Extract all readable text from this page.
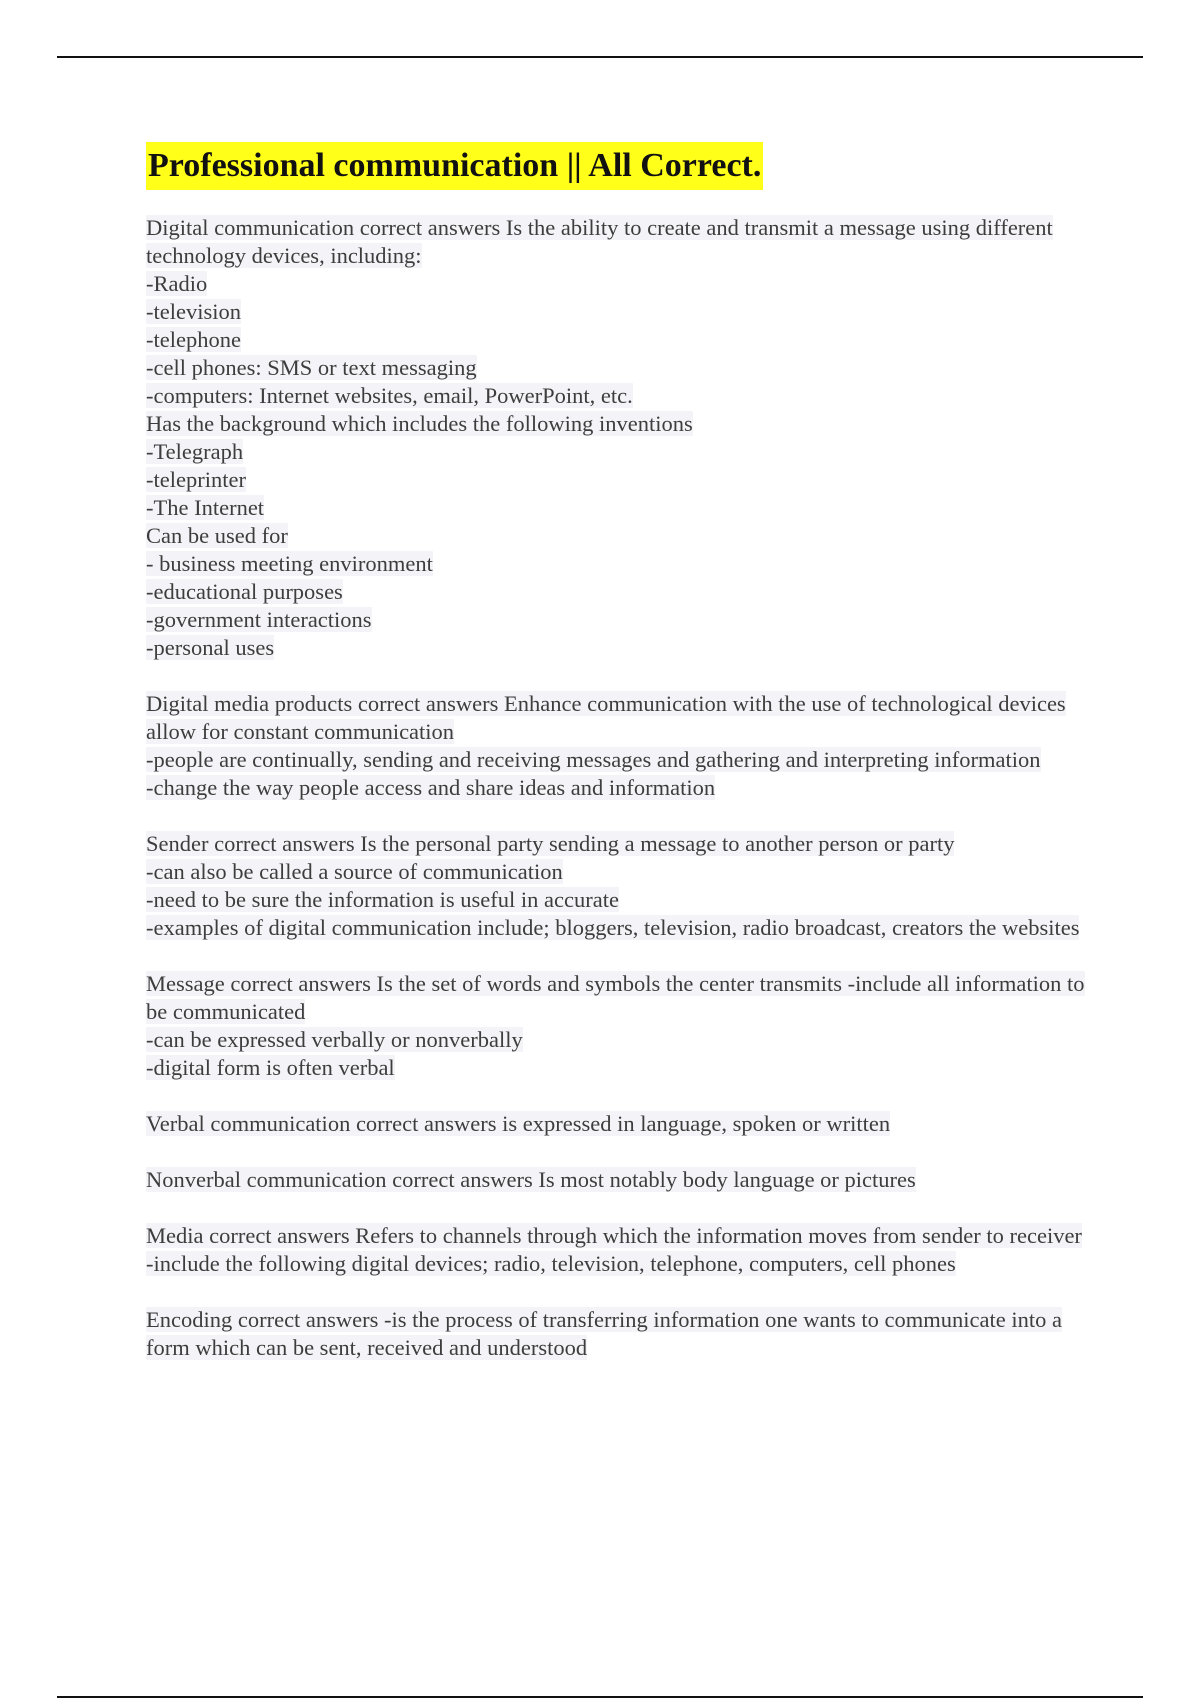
Professional communication || All Correct.
Digital communication correct answers Is the ability to create and transmit a message using different technology devices, including:
-Radio
-television
-telephone
-cell phones: SMS or text messaging
-computers: Internet websites, email, PowerPoint, etc.
Has the background which includes the following inventions
-Telegraph
-teleprinter
-The Internet
Can be used for
- business meeting environment
-educational purposes
-government interactions
-personal uses
Digital media products correct answers Enhance communication with the use of technological devices allow for constant communication
-people are continually, sending and receiving messages and gathering and interpreting information
-change the way people access and share ideas and information
Sender correct answers Is the personal party sending a message to another person or party
-can also be called a source of communication
-need to be sure the information is useful in accurate
-examples of digital communication include; bloggers, television, radio broadcast, creators the websites
Message correct answers Is the set of words and symbols the center transmits -include all information to be communicated
-can be expressed verbally or nonverbally
-digital form is often verbal
Verbal communication correct answers is expressed in language, spoken or written
Nonverbal communication correct answers Is most notably body language or pictures
Media correct answers Refers to channels through which the information moves from sender to receiver
-include the following digital devices; radio, television, telephone, computers, cell phones
Encoding correct answers -is the process of transferring information one wants to communicate into a form which can be sent, received and understood
